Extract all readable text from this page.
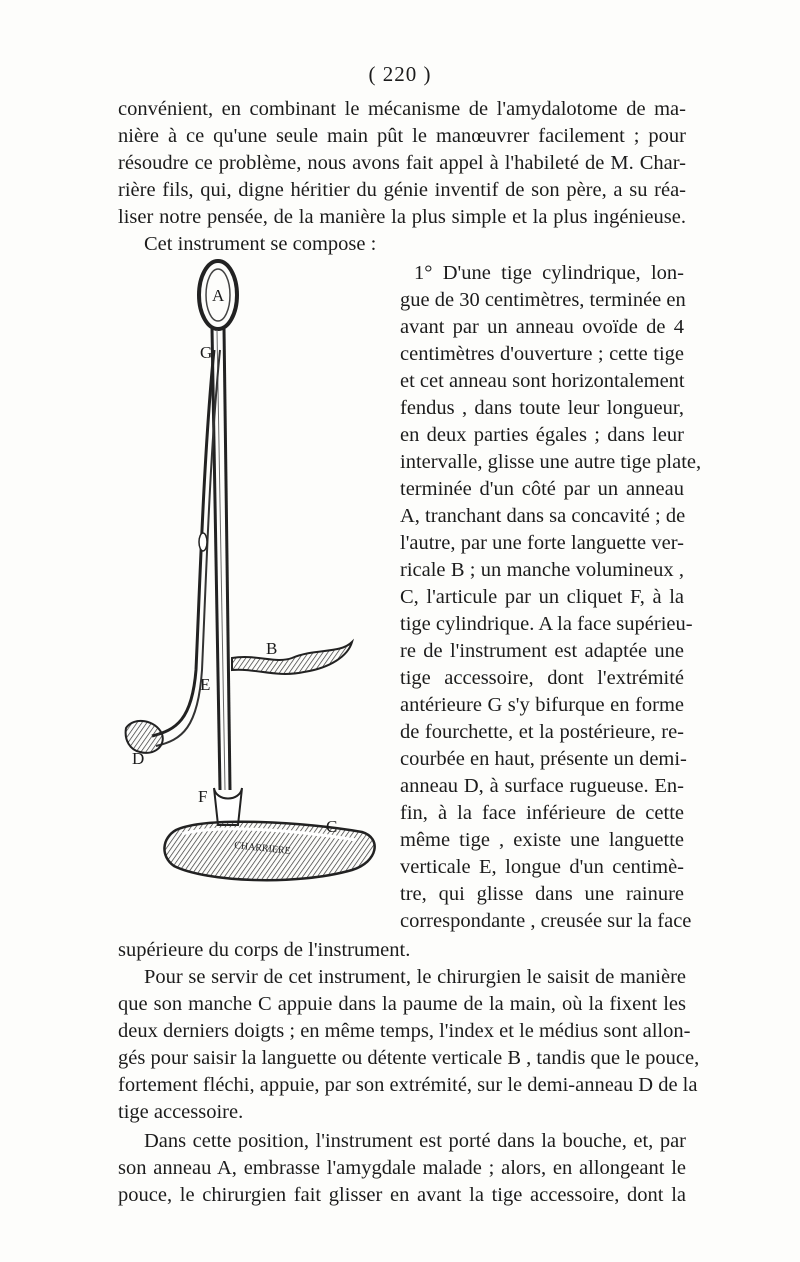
( 220 )
convénient, en combinant le mécanisme de l'amydalotome de ma-
nière à ce qu'une seule main pût le manœuvrer facilement ; pour
résoudre ce problème, nous avons fait appel à l'habileté de M. Char-
rière fils, qui, digne héritier du génie inventif de son père, a su réa-
liser notre pensée, de la manière la plus simple et la plus ingénieuse.
Cet instrument se compose :
1° D'une tige cylindrique, lon-
gue de 30 centimètres, terminée en
avant par un anneau ovoïde de 4
centimètres d'ouverture ; cette tige
et cet anneau sont horizontalement
fendus , dans toute leur longueur,
en deux parties égales ; dans leur
intervalle, glisse une autre tige plate,
terminée d'un côté par un anneau
A, tranchant dans sa concavité ; de
l'autre, par une forte languette ver-
ricale B ; un manche volumineux ,
C, l'articule par un cliquet F, à la
tige cylindrique. A la face supérieu-
re de l'instrument est adaptée une
tige accessoire, dont l'extrémité
antérieure G s'y bifurque en forme
de fourchette, et la postérieure, re-
courbée en haut, présente un demi-
anneau D, à surface rugueuse. En-
fin, à la face inférieure de cette
même tige , existe une languette
verticale E, longue d'un centimè-
tre, qui glisse dans une rainure
correspondante , creusée sur la face
supérieure du corps de l'instrument.
Pour se servir de cet instrument, le chirurgien le saisit de manière
que son manche C appuie dans la paume de la main, où la fixent les
deux derniers doigts ; en même temps, l'index et le médius sont allon-
gés pour saisir la languette ou détente verticale B , tandis que le pouce,
fortement fléchi, appuie, par son extrémité, sur le demi-anneau D de la
tige accessoire.
Dans cette position, l'instrument est porté dans la bouche, et, par
son anneau A, embrasse l'amygdale malade ; alors, en allongeant le
pouce, le chirurgien fait glisser en avant la tige accessoire, dont la
CHARRIERE
A
G
B
E
D
F
C
